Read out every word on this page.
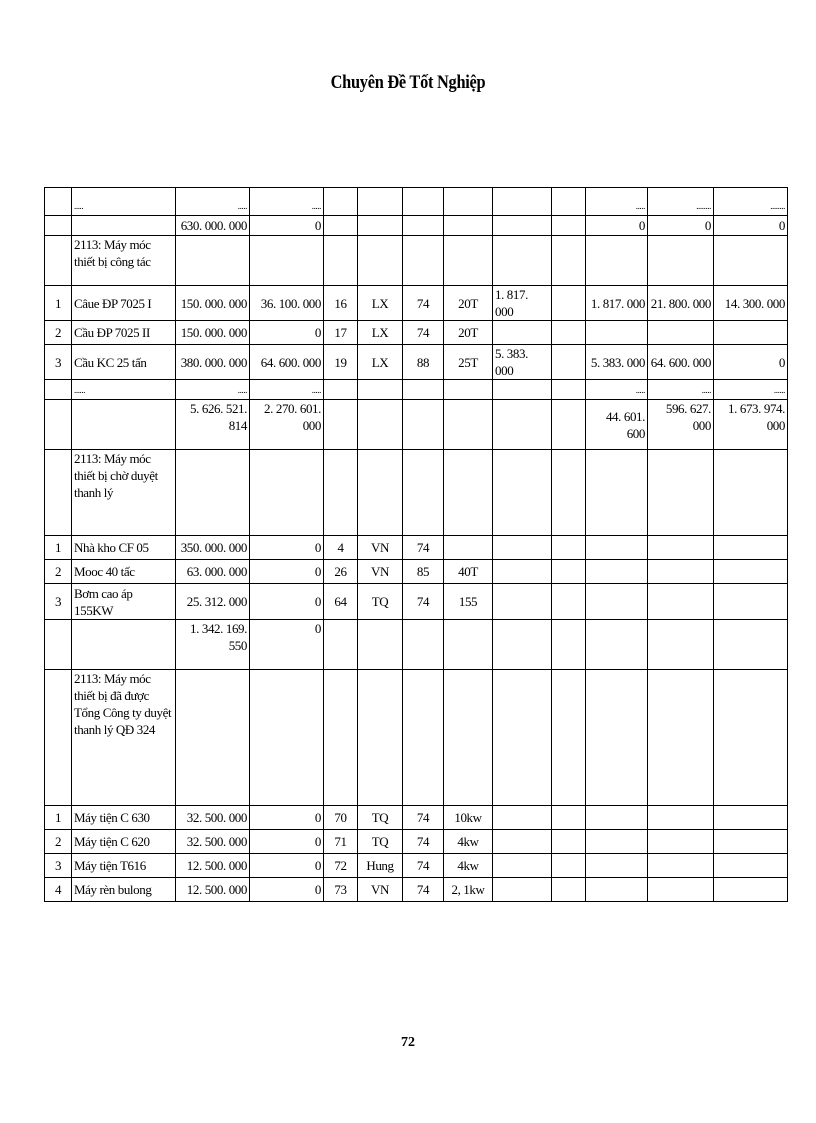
Chuyên Đề Tốt Nghiệp
	.....	.....	.....							.....	........	........
		630. 000. 000	0							0	0	0
	2113: Máy móc thiết bị công tác											
1	Câue ĐP 7025 I	150. 000. 000	36. 100. 000	16	LX	74	20T	1. 817. 000		1. 817. 000	21. 800. 000	14. 300. 000
2	Cầu ĐP 7025 II	150. 000. 000	0	17	LX	74	20T					
3	Cầu KC 25 tấn	380. 000. 000	64. 600. 000	19	LX	88	25T	5. 383. 000		5. 383. 000	64. 600. 000	0
	......	.....	.....							.....	.....	......
		5. 626. 521. 814	2. 270. 601. 000							44. 601. 600	596. 627. 000	1. 673. 974. 000
	2113: Máy móc thiết bị chờ duyệt thanh lý											
1	Nhà kho CF 05	350. 000. 000	0	4	VN	74						
2	Mooc 40 tấc	63. 000. 000	0	26	VN	85	40T					
3	Bơm cao áp 155KW	25. 312. 000	0	64	TQ	74	155					
		1. 342. 169. 550	0									
	2113: Máy móc thiết bị đã được Tổng Công ty duyệt thanh lý QĐ 324											
1	Máy tiện C 630	32. 500. 000	0	70	TQ	74	10kw					
2	Máy tiện C 620	32. 500. 000	0	71	TQ	74	4kw					
3	Máy tiện T616	12. 500. 000	0	72	Hung	74	4kw					
4	Máy rèn bulong	12. 500. 000	0	73	VN	74	2, 1kw					
72
